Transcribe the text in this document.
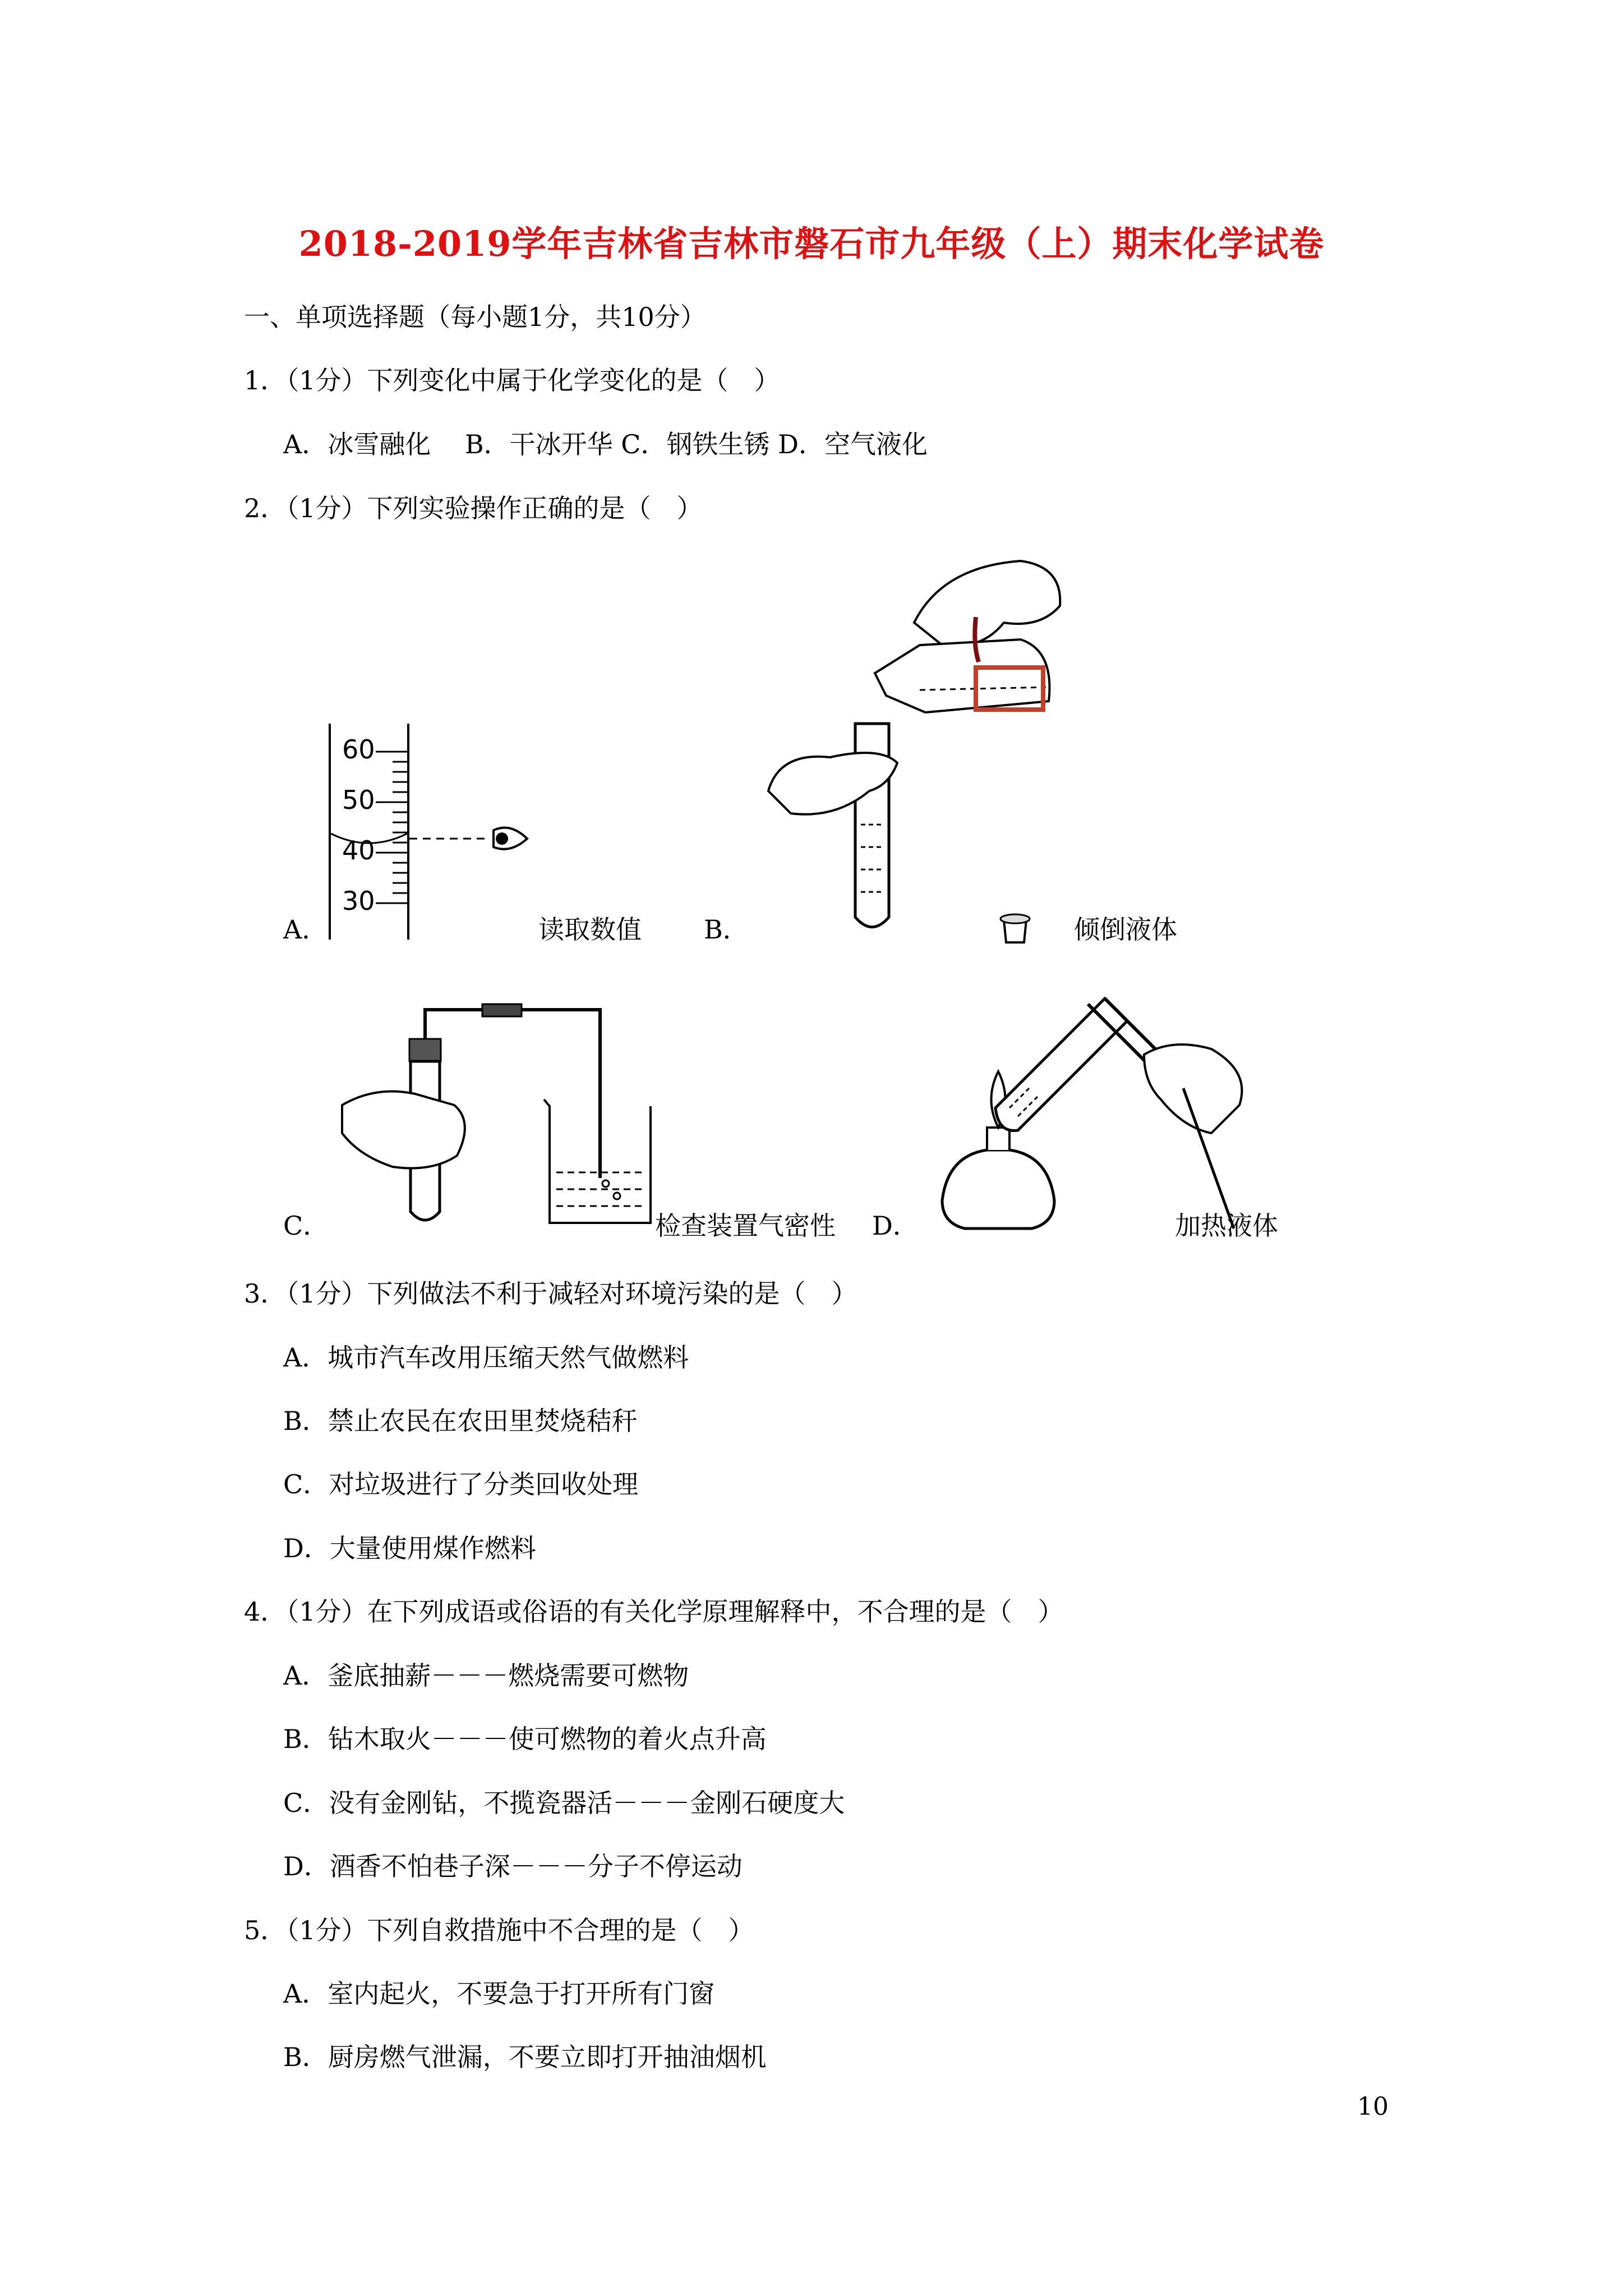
2018-2019学年吉林省吉林市磐石市九年级（上）期末化学试卷
一、单项选择题（每小题1分，共10分）
1．（1分）下列变化中属于化学变化的是（　）
A．冰雪融化　 B．干冰开华 C．钢铁生锈 D．空气液化
2．（1分）下列实验操作正确的是（　）
60
50
40
30
A．	读取数值 B．	倾倒液体
C．	检查装置气密性 D．	加热液体
3．（1分）下列做法不利于减轻对环境污染的是（　）
A．城市汽车改用压缩天然气做燃料
B．禁止农民在农田里焚烧秸秆
C．对垃圾进行了分类回收处理
D．大量使用煤作燃料
4．（1分）在下列成语或俗语的有关化学原理解释中，不合理的是（　）
A．釜底抽薪－－－燃烧需要可燃物
B．钻木取火－－－使可燃物的着火点升高
C．没有金刚钻，不揽瓷器活－－－金刚石硬度大
D．酒香不怕巷子深－－－分子不停运动
5．（1分）下列自救措施中不合理的是（　）
A．室内起火，不要急于打开所有门窗
B．厨房燃气泄漏，不要立即打开抽油烟机
10
